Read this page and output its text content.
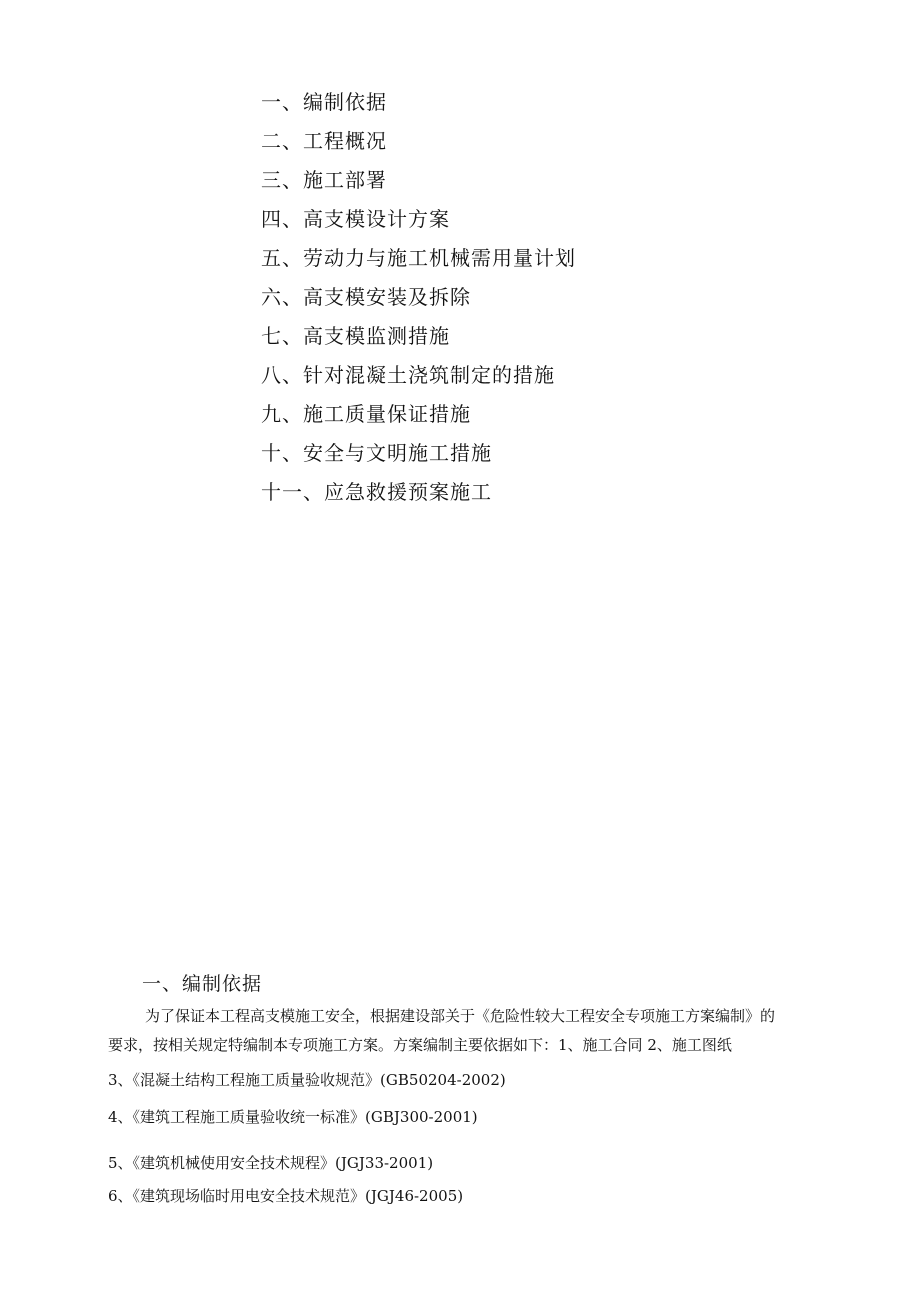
一、编制依据
二、工程概况
三、施工部署
四、高支模设计方案
五、劳动力与施工机械需用量计划
六、高支模安装及拆除
七、高支模监测措施
八、针对混凝土浇筑制定的措施
九、施工质量保证措施
十、安全与文明施工措施
十一、应急救援预案施工
一、编制依据

为了保证本工程高支模施工安全，根据建设部关于《危险性较大工程安全专项施工方案编制》的
要求，按相关规定特编制本专项施工方案。方案编制主要依据如下：1、施工合同 2、施工图纸

3、《混凝土结构工程施工质量验收规范》(GB50204-2002)
4、《建筑工程施工质量验收统一标准》(GBJ300-2001)
5、《建筑机械使用安全技术规程》(JGJ33-2001)
6、《建筑现场临时用电安全技术规范》(JGJ46-2005)
